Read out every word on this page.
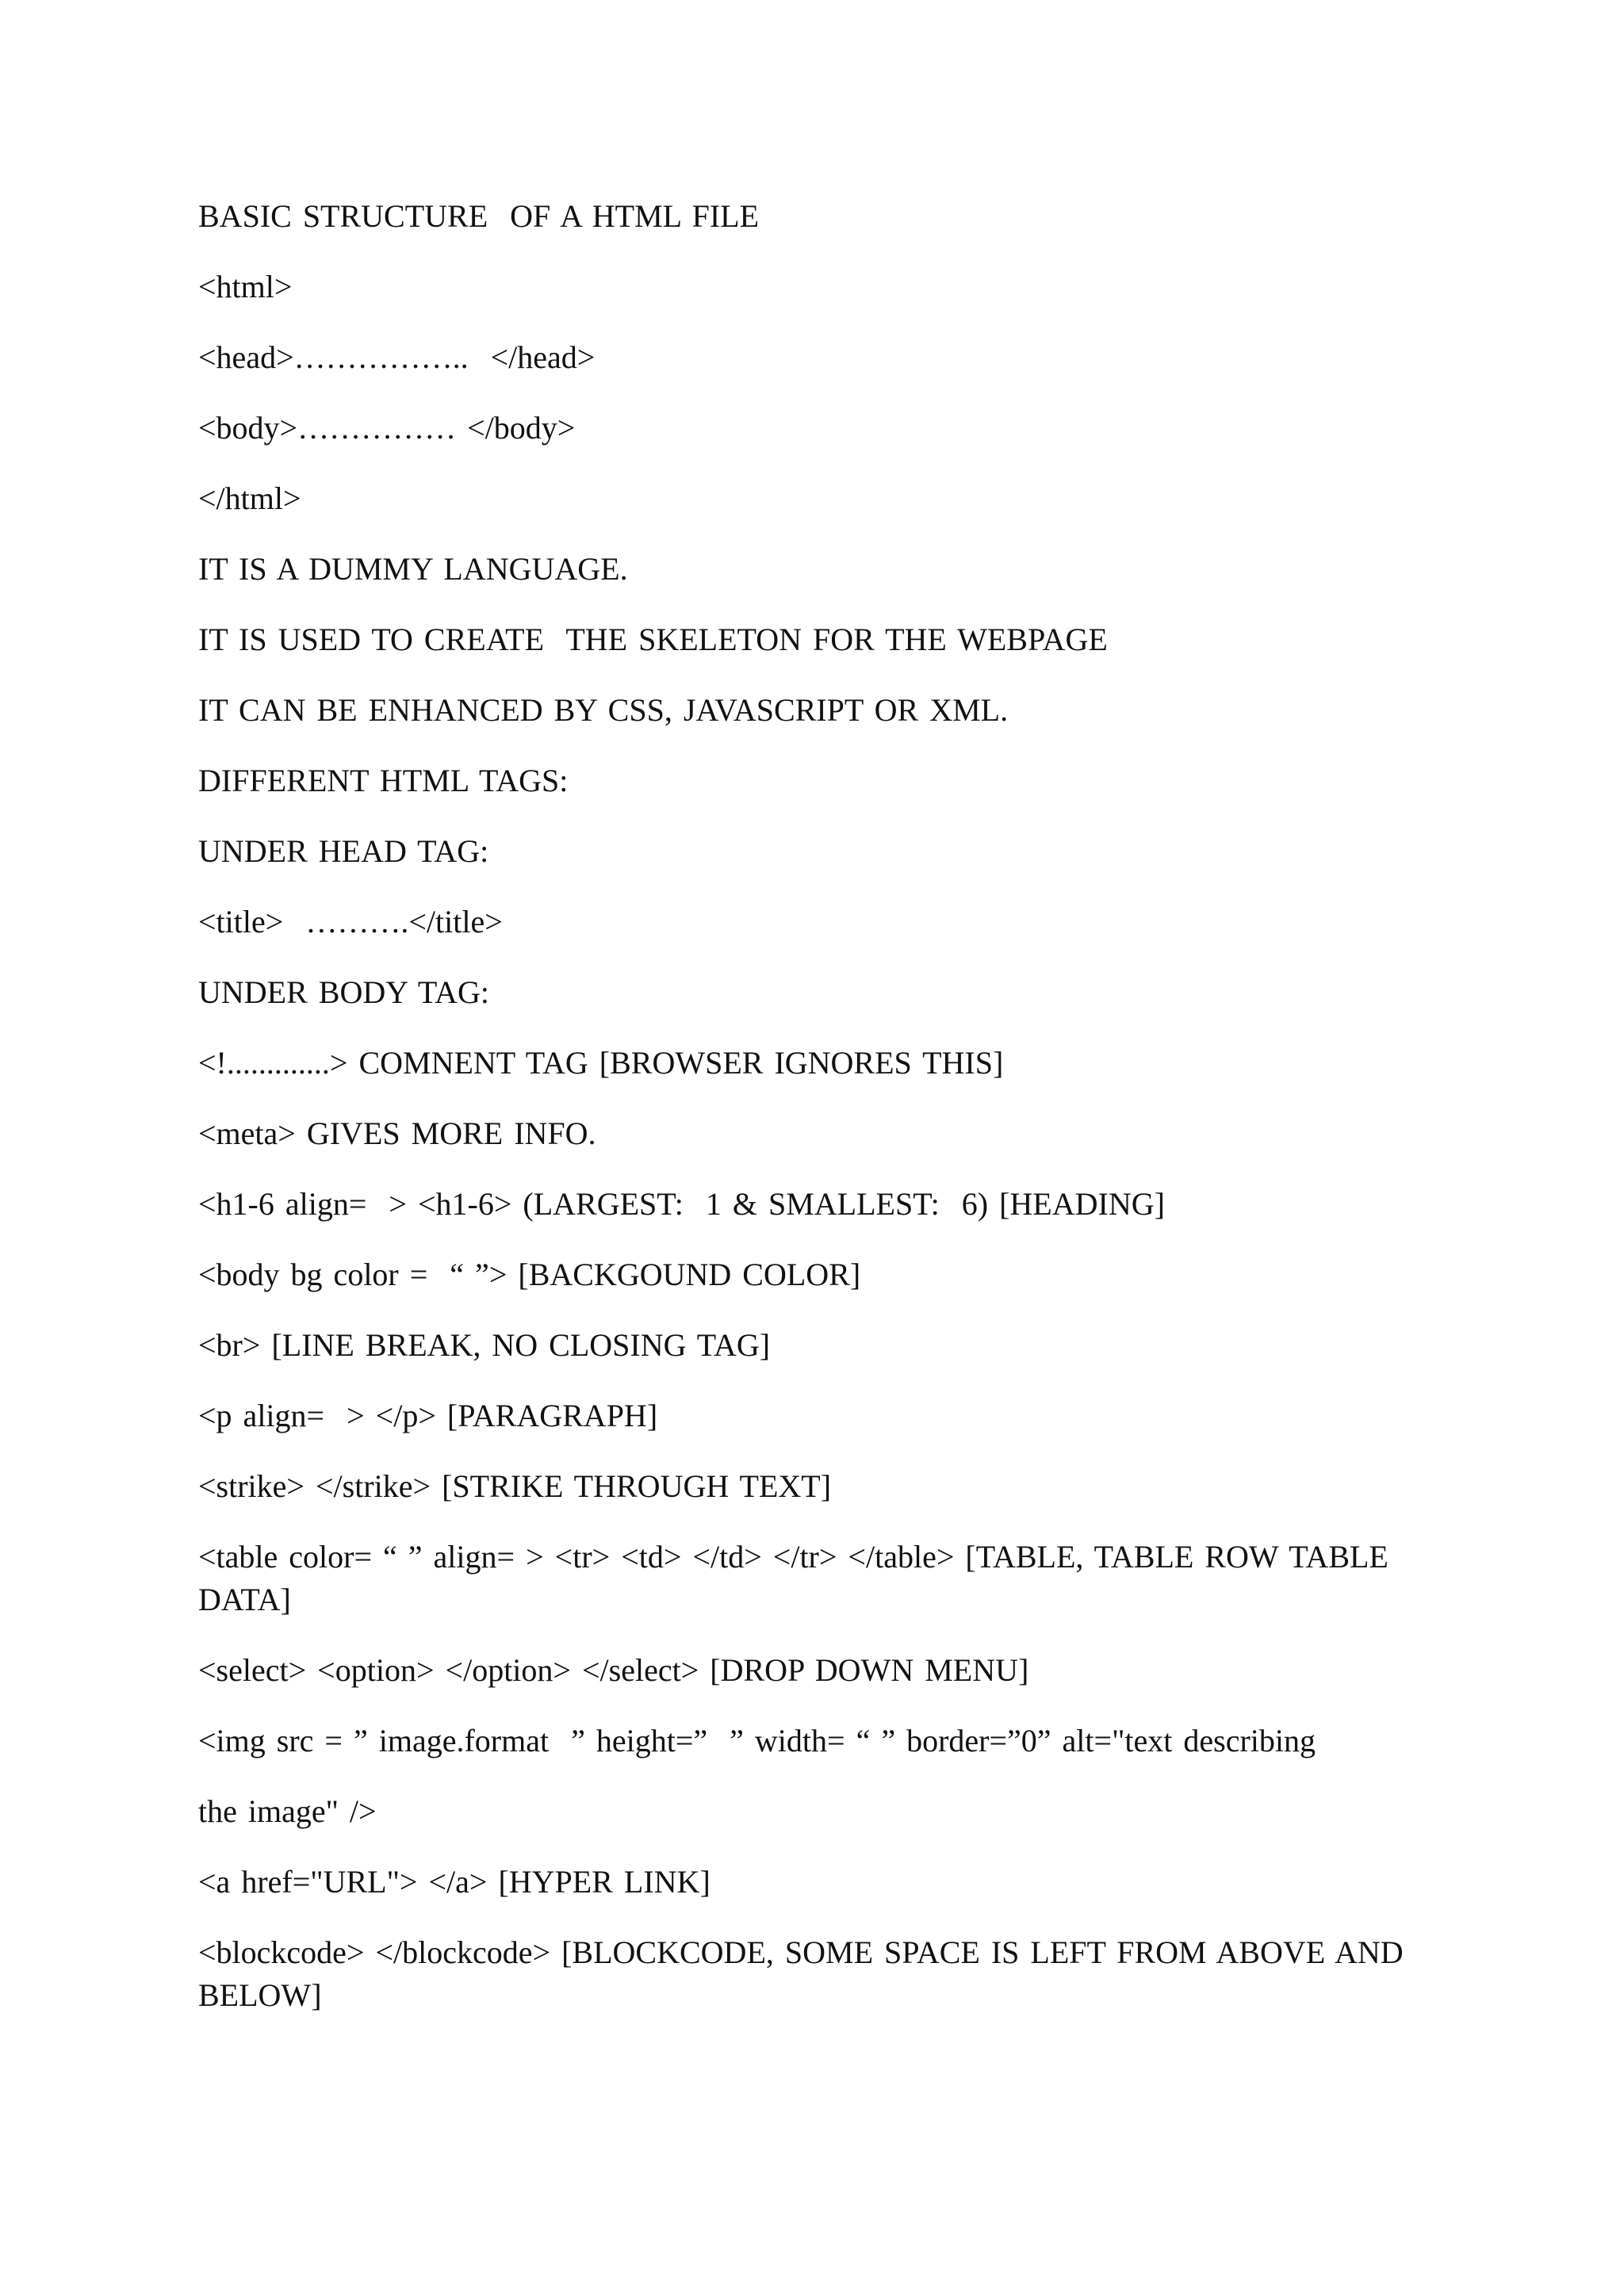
BASIC STRUCTURE  OF A HTML FILE

<html>

<head>……………..  </head>

<body>…………… </body>

</html>

IT IS A DUMMY LANGUAGE.

IT IS USED TO CREATE  THE SKELETON FOR THE WEBPAGE

IT CAN BE ENHANCED BY CSS, JAVASCRIPT OR XML.

DIFFERENT HTML TAGS:

UNDER HEAD TAG:

<title>  ……….</title>

UNDER BODY TAG:

<!.............> COMNENT TAG [BROWSER IGNORES THIS]

<meta> GIVES MORE INFO.

<h1-6 align=  > <h1-6> (LARGEST:  1 & SMALLEST:  6) [HEADING]

<body bg color =  “ ”> [BACKGOUND COLOR]

<br> [LINE BREAK, NO CLOSING TAG]

<p align=  > </p> [PARAGRAPH]

<strike> </strike> [STRIKE THROUGH TEXT]

<table color= “ ” align= > <tr> <td> </td> </tr> </table> [TABLE, TABLE ROW TABLE DATA]

<select> <option> </option> </select> [DROP DOWN MENU]

<img src = ” image.format  ” height=”  ” width= “ ” border=”0” alt="text describing

the image" />

<a href="URL"> </a> [HYPER LINK]

<blockcode> </blockcode> [BLOCKCODE, SOME SPACE IS LEFT FROM ABOVE AND BELOW]
